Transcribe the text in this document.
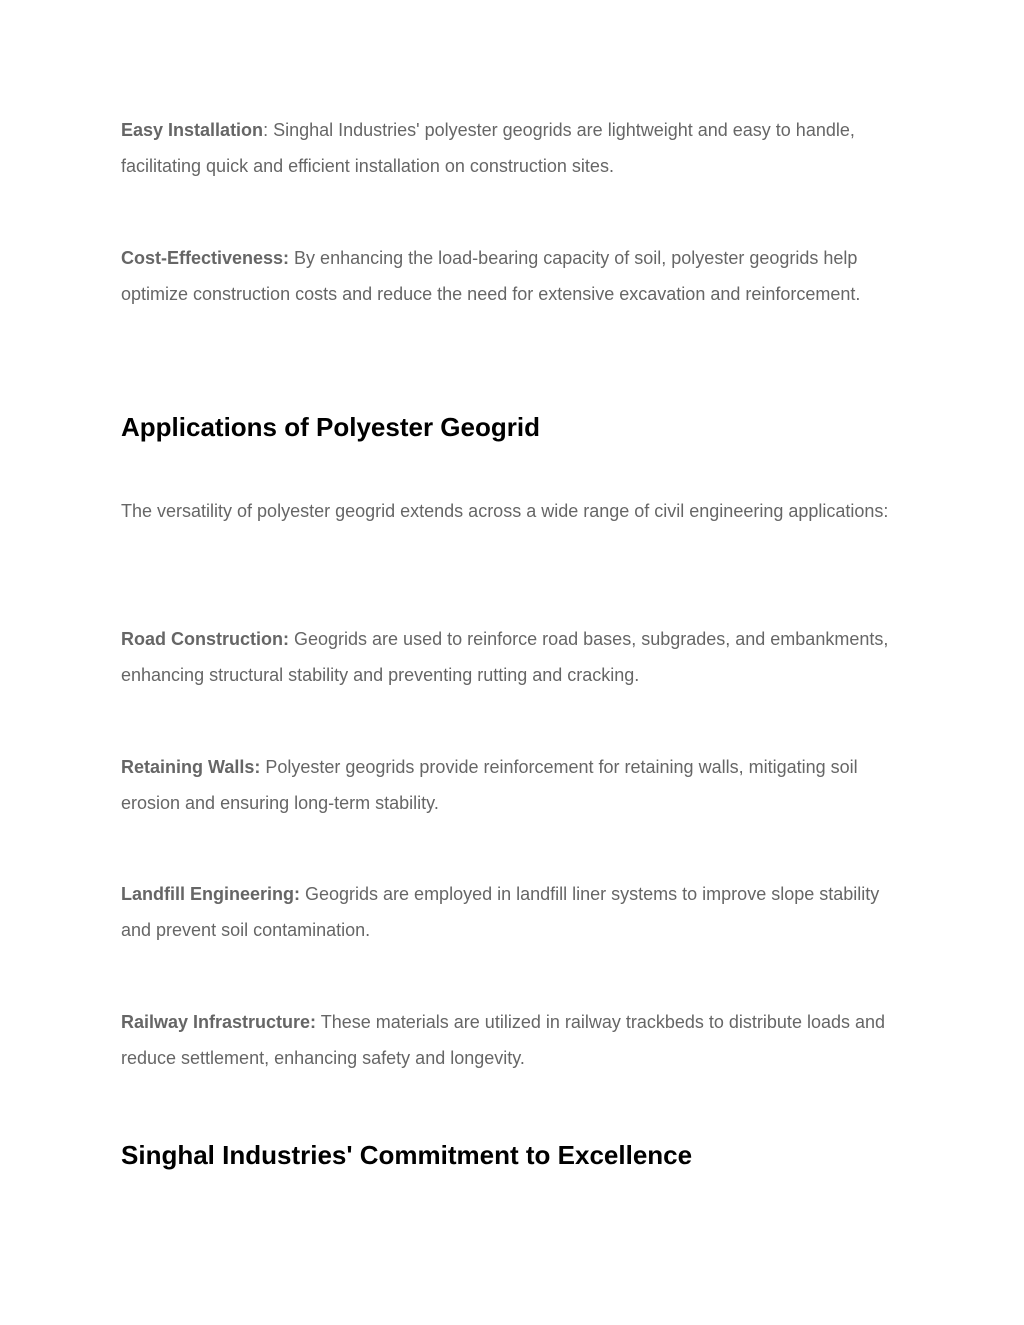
Easy Installation: Singhal Industries' polyester geogrids are lightweight and easy to handle, facilitating quick and efficient installation on construction sites.

Cost-Effectiveness: By enhancing the load-bearing capacity of soil, polyester geogrids help optimize construction costs and reduce the need for extensive excavation and reinforcement.

Applications of Polyester Geogrid

The versatility of polyester geogrid extends across a wide range of civil engineering applications:

Road Construction: Geogrids are used to reinforce road bases, subgrades, and embankments, enhancing structural stability and preventing rutting and cracking.

Retaining Walls: Polyester geogrids provide reinforcement for retaining walls, mitigating soil erosion and ensuring long-term stability.

Landfill Engineering: Geogrids are employed in landfill liner systems to improve slope stability and prevent soil contamination.

Railway Infrastructure: These materials are utilized in railway trackbeds to distribute loads and reduce settlement, enhancing safety and longevity.

Singhal Industries' Commitment to Excellence
